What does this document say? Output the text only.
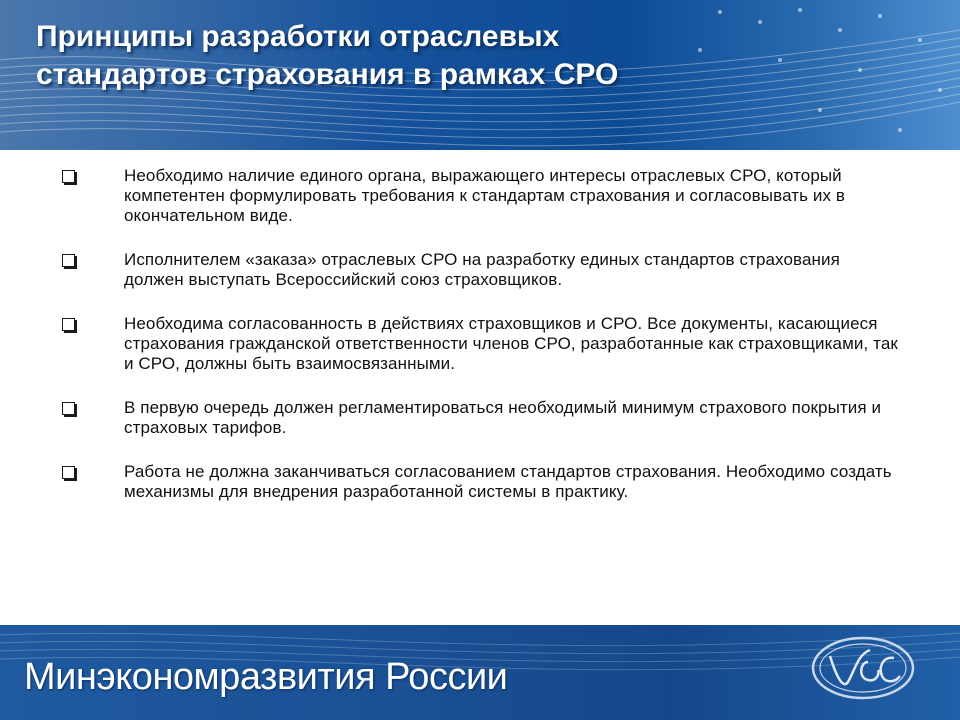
Принципы разработки отраслевых
стандартов страхования в рамках СРО
Необходимо наличие единого органа, выражающего интересы отраслевых СРО, который компетентен формулировать требования к стандартам страхования и согласовывать их в окончательном виде.
Исполнителем «заказа» отраслевых СРО на разработку единых стандартов страхования должен выступать Всероссийский союз страховщиков.
Необходима согласованность в действиях страховщиков и СРО. Все документы, касающиеся страхования гражданской ответственности членов СРО, разработанные как страховщиками, так и СРО, должны быть взаимосвязанными.
В первую очередь должен регламентироваться необходимый минимум страхового покрытия и страховых тарифов.
Работа не должна заканчиваться согласованием стандартов страхования. Необходимо создать механизмы для внедрения разработанной системы в практику.

Минэкономразвития России
